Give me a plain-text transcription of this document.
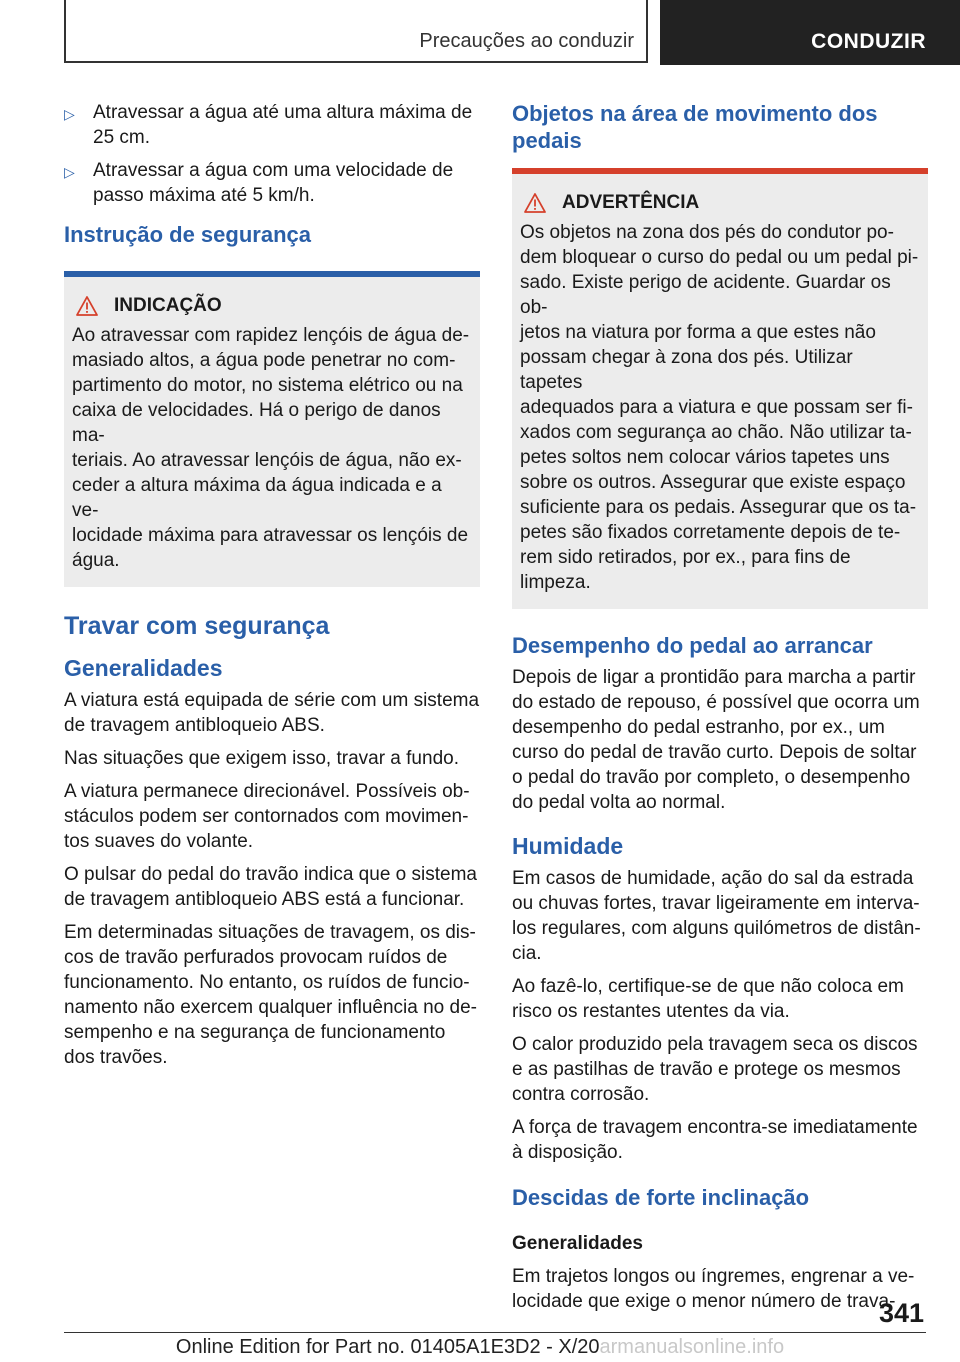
Precauções ao conduzir	CONDUZIR
▷ Atravessar a água até uma altura máxima de 25 cm.
▷ Atravessar a água com uma velocidade de passo máxima até 5 km/h.
Instrução de segurança
INDICAÇÃO

Ao atravessar com rapidez lençóis de água de-
masiado altos, a água pode penetrar no com-
partimento do motor, no sistema elétrico ou na
caixa de velocidades. Há o perigo de danos ma-
teriais. Ao atravessar lençóis de água, não ex-
ceder a altura máxima da água indicada e a ve-
locidade máxima para atravessar os lençóis de
água.

Travar com segurança
Generalidades

A viatura está equipada de série com um sistema
de travagem antibloqueio ABS.

Nas situações que exigem isso, travar a fundo.

A viatura permanece direcionável. Possíveis ob-
stáculos podem ser contornados com movimen-
tos suaves do volante.

O pulsar do pedal do travão indica que o sistema
de travagem antibloqueio ABS está a funcionar.

Em determinadas situações de travagem, os dis-
cos de travão perfurados provocam ruídos de
funcionamento. No entanto, os ruídos de funcio-
namento não exercem qualquer influência no de-
sempenho e na segurança de funcionamento
dos travões.

Objetos na área de movimento dos
pedais
ADVERTÊNCIA

Os objetos na zona dos pés do condutor po-
dem bloquear o curso do pedal ou um pedal pi-
sado. Existe perigo de acidente. Guardar os ob-
jetos na viatura por forma a que estes não
possam chegar à zona dos pés. Utilizar tapetes
adequados para a viatura e que possam ser fi-
xados com segurança ao chão. Não utilizar ta-
petes soltos nem colocar vários tapetes uns
sobre os outros. Assegurar que existe espaço
suficiente para os pedais. Assegurar que os ta-
petes são fixados corretamente depois de te-
rem sido retirados, por ex., para fins de limpeza.

Desempenho do pedal ao arrancar

Depois de ligar a prontidão para marcha a partir
do estado de repouso, é possível que ocorra um
desempenho do pedal estranho, por ex., um
curso do pedal de travão curto. Depois de soltar
o pedal do travão por completo, o desempenho
do pedal volta ao normal.

Humidade

Em casos de humidade, ação do sal da estrada
ou chuvas fortes, travar ligeiramente em interva-
los regulares, com alguns quilómetros de distân-
cia.

Ao fazê-lo, certifique-se de que não coloca em
risco os restantes utentes da via.

O calor produzido pela travagem seca os discos
e as pastilhas de travão e protege os mesmos
contra corrosão.

A força de travagem encontra-se imediatamente
à disposição.

Descidas de forte inclinação
Generalidades

Em trajetos longos ou íngremes, engrenar a ve-
locidade que exige o menor número de trava-

341
Online Edition for Part no. 01405A1E3D2 - X/20armanualsonline.info
